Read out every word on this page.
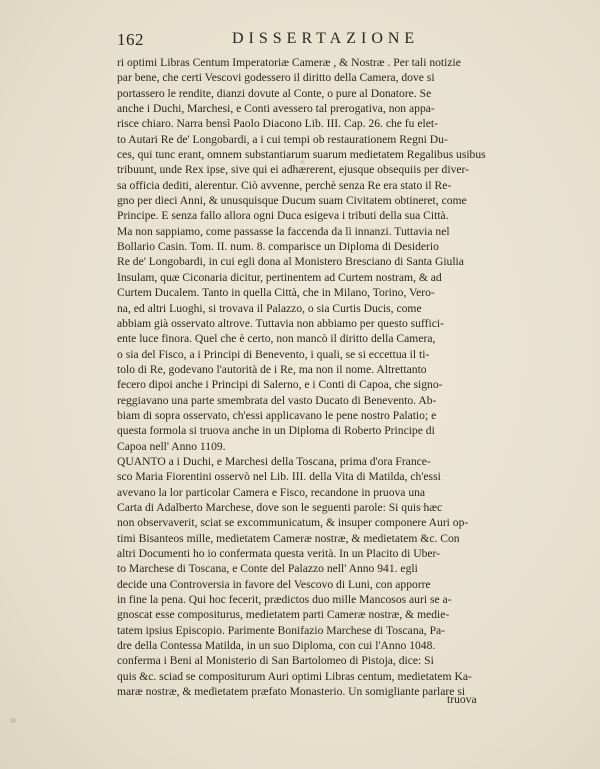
162	DISSERTAZIONE
ri optimi Libras Centum Imperatoriæ Cameræ , & Nostræ . Per tali notizie
par bene, che certi Vescovi godessero il diritto della Camera, dove si
portassero le rendite, dianzi dovute al Conte, o pure al Donatore. Se
anche i Duchi, Marchesi, e Conti avessero tal prerogativa, non appa-
risce chiaro. Narra bensì Paolo Diacono Lib. III. Cap. 26. che fu elet-
to Autari Re de' Longobardi, a i cui tempi ob restaurationem Regni Du-
ces, qui tunc erant, omnem substantiarum suarum medietatem Regalibus usibus
tribuunt, unde Rex ipse, sive qui ei adhærerent, ejusque obsequiis per diver-
sa officia dediti, alerentur. Ciò avvenne, perchè senza Re era stato il Re-
gno per dieci Anni, & unusquisque Ducum suam Civitatem obtineret, come
Principe. E senza fallo allora ogni Duca esigeva i tributi della sua Città.
Ma non sappiamo, come passasse la faccenda da lì innanzi. Tuttavia nel
Bollario Casin. Tom. II. num. 8. comparisce un Diploma di Desiderio
Re de' Longobardi, in cui egli dona al Monistero Bresciano di Santa Giulia
Insulam, quæ Ciconaria dicitur, pertinentem ad Curtem nostram, & ad
Curtem Ducalem. Tanto in quella Città, che in Milano, Torino, Vero-
na, ed altri Luoghi, si trovava il Palazzo, o sia Curtis Ducis, come
abbiam già osservato altrove. Tuttavia non abbiamo per questo suffici-
ente luce finora. Quel che è certo, non mancò il diritto della Camera,
o sia del Fisco, a i Principi di Benevento, i quali, se si eccettua il ti-
tolo di Re, godevano l'autorità de i Re, ma non il nome. Altrettanto
fecero dipoi anche i Principi di Salerno, e i Conti di Capoa, che signo-
reggiavano una parte smembrata del vasto Ducato di Benevento. Ab-
biam di sopra osservato, ch'essi applicavano le pene nostro Palatio; e
questa formola si truova anche in un Diploma di Roberto Principe di
Capoa nell' Anno 1109.
QUANTO a i Duchi, e Marchesi della Toscana, prima d'ora France-
sco Maria Fiorentini osservò nel Lib. III. della Vita di Matilda, ch'essi
avevano la lor particolar Camera e Fisco, recandone in pruova una
Carta di Adalberto Marchese, dove son le seguenti parole: Si quis hæc
non observaverit, sciat se excommunicatum, & insuper componere Auri op-
timi Bisanteos mille, medietatem Cameræ nostræ, & medietatem &c. Con
altri Documenti ho io confermata questa verità. In un Placito di Uber-
to Marchese di Toscana, e Conte del Palazzo nell' Anno 941. egli
decide una Controversia in favore del Vescovo di Luni, con apporre
in fine la pena. Qui hoc fecerit, prædictos duo mille Mancosos auri se a-
gnoscat esse compositurus, medietatem parti Cameræ nostræ, & medie-
tatem ipsius Episcopio. Parimente Bonifazio Marchese di Toscana, Pa-
dre della Contessa Matilda, in un suo Diploma, con cui l'Anno 1048.
conferma i Beni al Monisterio di San Bartolomeo di Pistoja, dice: Si
quis &c. sciad se compositurum Auri optimi Libras centum, medietatem Ka-
maræ nostræ, & medietatem præfato Monasterio. Un somigliante parlare si
truova
